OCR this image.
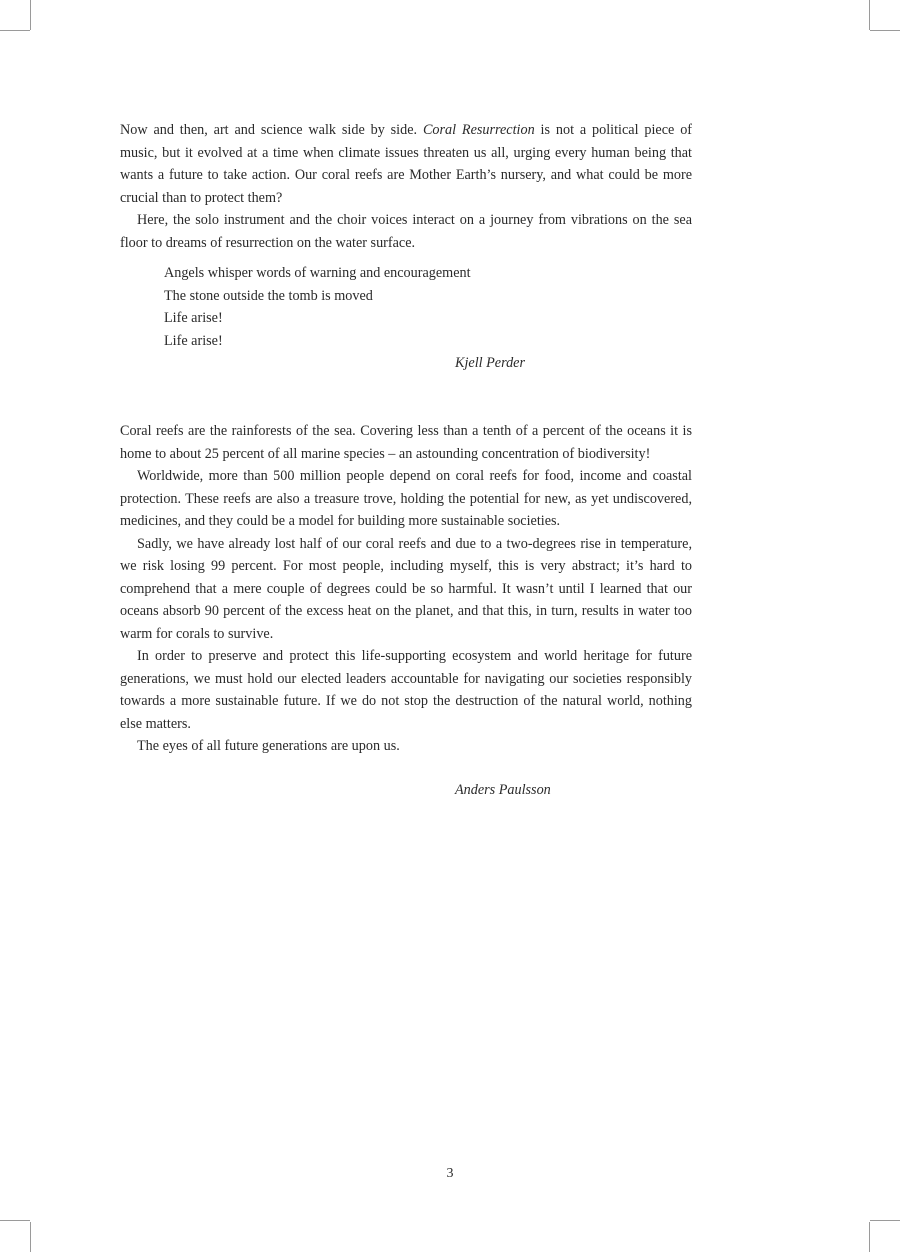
Now and then, art and science walk side by side. Coral Resurrection is not a political piece of music, but it evolved at a time when climate issues threaten us all, urging every human being that wants a future to take action. Our coral reefs are Mother Earth’s nursery, and what could be more crucial than to protect them?

Here, the solo instrument and the choir voices interact on a journey from vibrations on the sea floor to dreams of resurrection on the water surface.

Angels whisper words of warning and encouragement
The stone outside the tomb is moved
Life arise!
Life arise!
Kjell Perder

Coral reefs are the rainforests of the sea. Covering less than a tenth of a percent of the oceans it is home to about 25 percent of all marine species – an astounding concentration of biodiversity!

Worldwide, more than 500 million people depend on coral reefs for food, income and coastal protection. These reefs are also a treasure trove, holding the potential for new, as yet undiscovered, medicines, and they could be a model for building more sustainable societies.

Sadly, we have already lost half of our coral reefs and due to a two-degrees rise in temperature, we risk losing 99 percent. For most people, including myself, this is very abstract; it’s hard to comprehend that a mere couple of degrees could be so harmful. It wasn’t until I learned that our oceans absorb 90 percent of the excess heat on the planet, and that this, in turn, results in water too warm for corals to survive.

In order to preserve and protect this life-supporting ecosystem and world heritage for future generations, we must hold our elected leaders accountable for navigating our societies responsibly towards a more sustainable future. If we do not stop the destruction of the natural world, nothing else matters.

The eyes of all future generations are upon us.

Anders Paulsson
3
